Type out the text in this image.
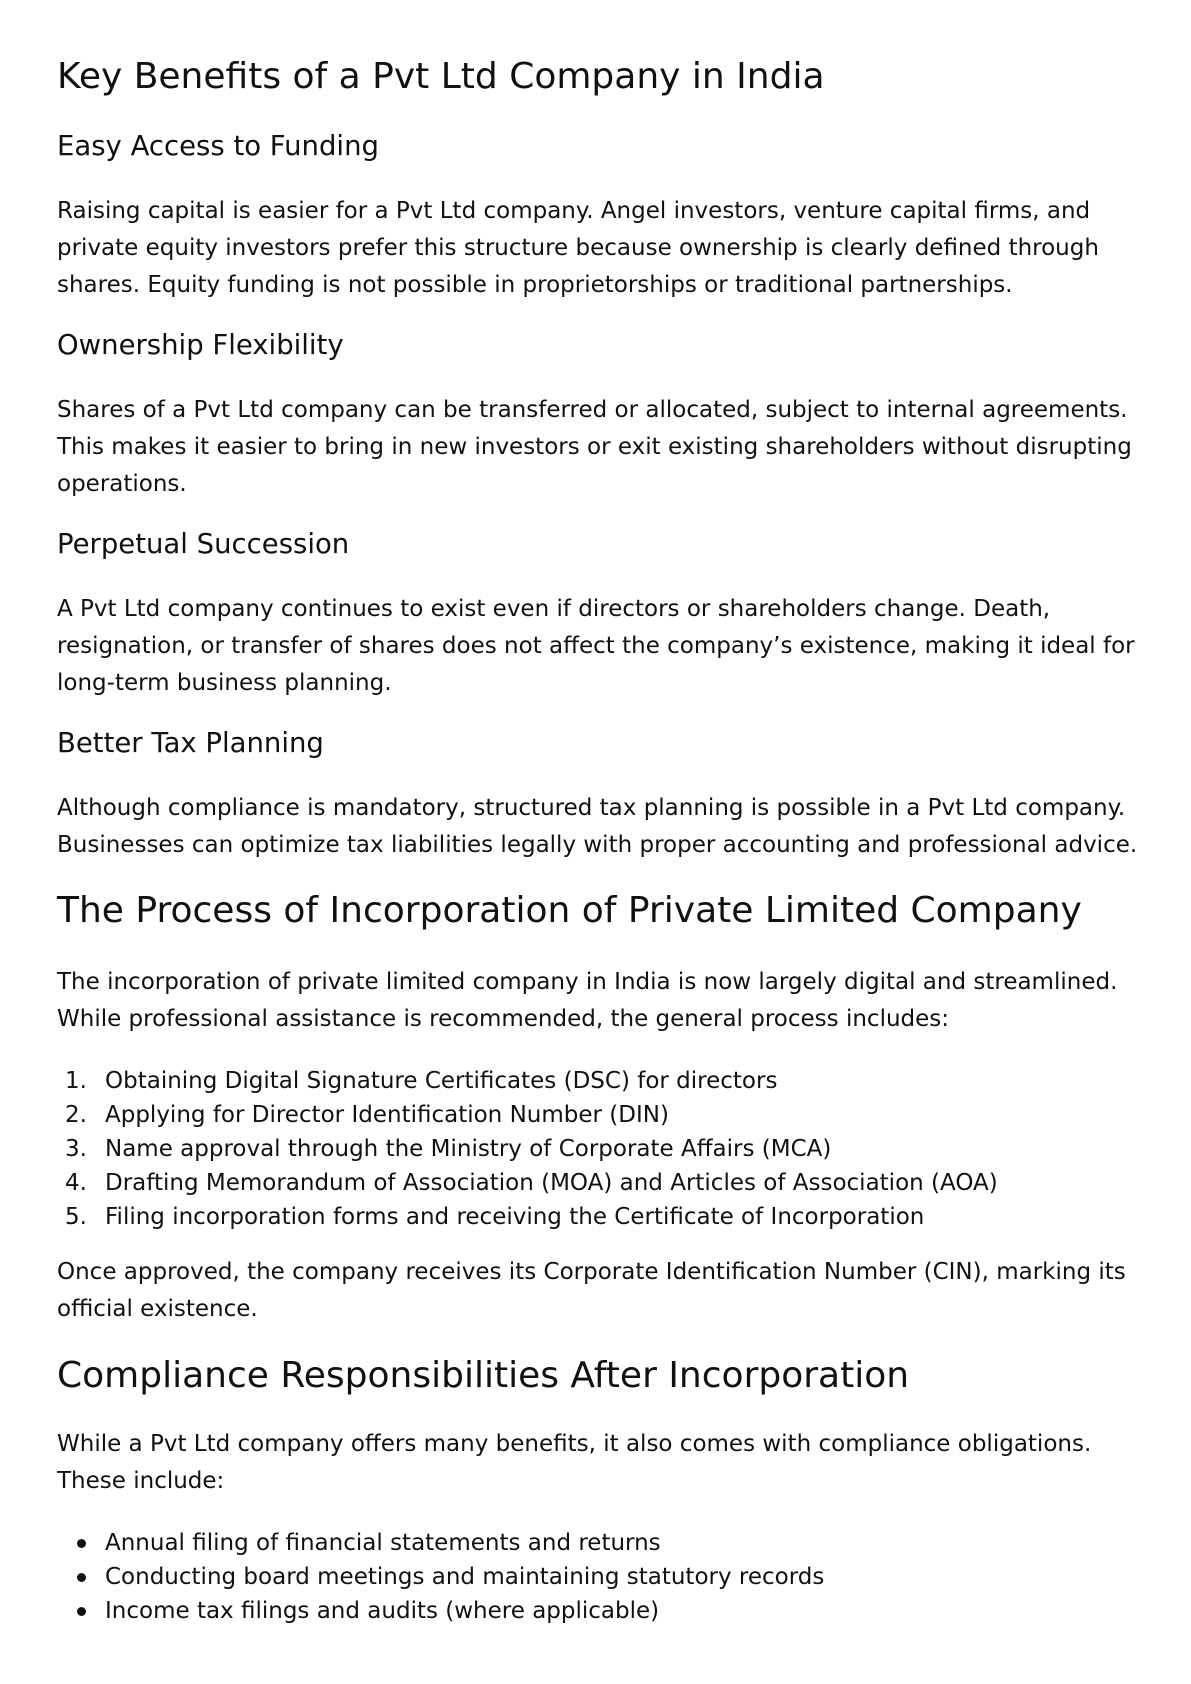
Key Benefits of a Pvt Ltd Company in India
Easy Access to Funding

Raising capital is easier for a Pvt Ltd company. Angel investors, venture capital firms, and private equity investors prefer this structure because ownership is clearly defined through shares. Equity funding is not possible in proprietorships or traditional partnerships.

Ownership Flexibility

Shares of a Pvt Ltd company can be transferred or allocated, subject to internal agreements. This makes it easier to bring in new investors or exit existing shareholders without disrupting operations.

Perpetual Succession

A Pvt Ltd company continues to exist even if directors or shareholders change. Death, resignation, or transfer of shares does not affect the company’s existence, making it ideal for long-term business planning.

Better Tax Planning

Although compliance is mandatory, structured tax planning is possible in a Pvt Ltd company. Businesses can optimize tax liabilities legally with proper accounting and professional advice.

The Process of Incorporation of Private Limited Company

The incorporation of private limited company in India is now largely digital and streamlined. While professional assistance is recommended, the general process includes:

1. Obtaining Digital Signature Certificates (DSC) for directors
2. Applying for Director Identification Number (DIN)
3. Name approval through the Ministry of Corporate Affairs (MCA)
4. Drafting Memorandum of Association (MOA) and Articles of Association (AOA)
5. Filing incorporation forms and receiving the Certificate of Incorporation

Once approved, the company receives its Corporate Identification Number (CIN), marking its official existence.

Compliance Responsibilities After Incorporation

While a Pvt Ltd company offers many benefits, it also comes with compliance obligations. These include:

Annual filing of financial statements and returns
Conducting board meetings and maintaining statutory records
Income tax filings and audits (where applicable)
